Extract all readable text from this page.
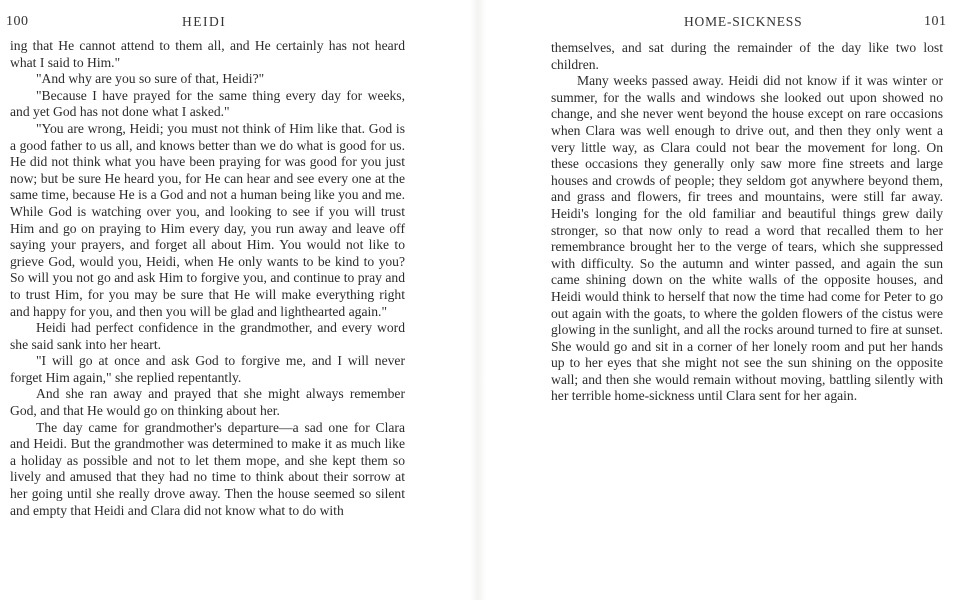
100	HEIDI

ing that He cannot attend to them all, and He certainly has not heard what I said to Him."

"And why are you so sure of that, Heidi?"

"Because I have prayed for the same thing every day for weeks, and yet God has not done what I asked."

"You are wrong, Heidi; you must not think of Him like that. God is a good father to us all, and knows better than we do what is good for us. He did not think what you have been praying for was good for you just now; but be sure He heard you, for He can hear and see every one at the same time, because He is a God and not a human being like you and me. While God is watching over you, and looking to see if you will trust Him and go on praying to Him every day, you run away and leave off saying your prayers, and forget all about Him. You would not like to grieve God, would you, Heidi, when He only wants to be kind to you? So will you not go and ask Him to forgive you, and continue to pray and to trust Him, for you may be sure that He will make everything right and happy for you, and then you will be glad and lighthearted again."

Heidi had perfect confidence in the grandmother, and every word she said sank into her heart.

"I will go at once and ask God to forgive me, and I will never forget Him again," she replied repentantly.

And she ran away and prayed that she might always remember God, and that He would go on thinking about her.

The day came for grandmother's departure—a sad one for Clara and Heidi. But the grandmother was determined to make it as much like a holiday as possible and not to let them mope, and she kept them so lively and amused that they had no time to think about their sorrow at her going until she really drove away. Then the house seemed so silent and empty that Heidi and Clara did not know what to do with

HOME-SICKNESS	101

themselves, and sat during the remainder of the day like two lost children.

Many weeks passed away. Heidi did not know if it was winter or summer, for the walls and windows she looked out upon showed no change, and she never went beyond the house except on rare occasions when Clara was well enough to drive out, and then they only went a very little way, as Clara could not bear the movement for long. On these occasions they generally only saw more fine streets and large houses and crowds of people; they seldom got anywhere beyond them, and grass and flowers, fir trees and mountains, were still far away. Heidi's longing for the old familiar and beautiful things grew daily stronger, so that now only to read a word that recalled them to her remembrance brought her to the verge of tears, which she suppressed with difficulty. So the autumn and winter passed, and again the sun came shining down on the white walls of the opposite houses, and Heidi would think to herself that now the time had come for Peter to go out again with the goats, to where the golden flowers of the cistus were glowing in the sunlight, and all the rocks around turned to fire at sunset. She would go and sit in a corner of her lonely room and put her hands up to her eyes that she might not see the sun shining on the opposite wall; and then she would remain without moving, battling silently with her terrible home-sickness until Clara sent for her again.
